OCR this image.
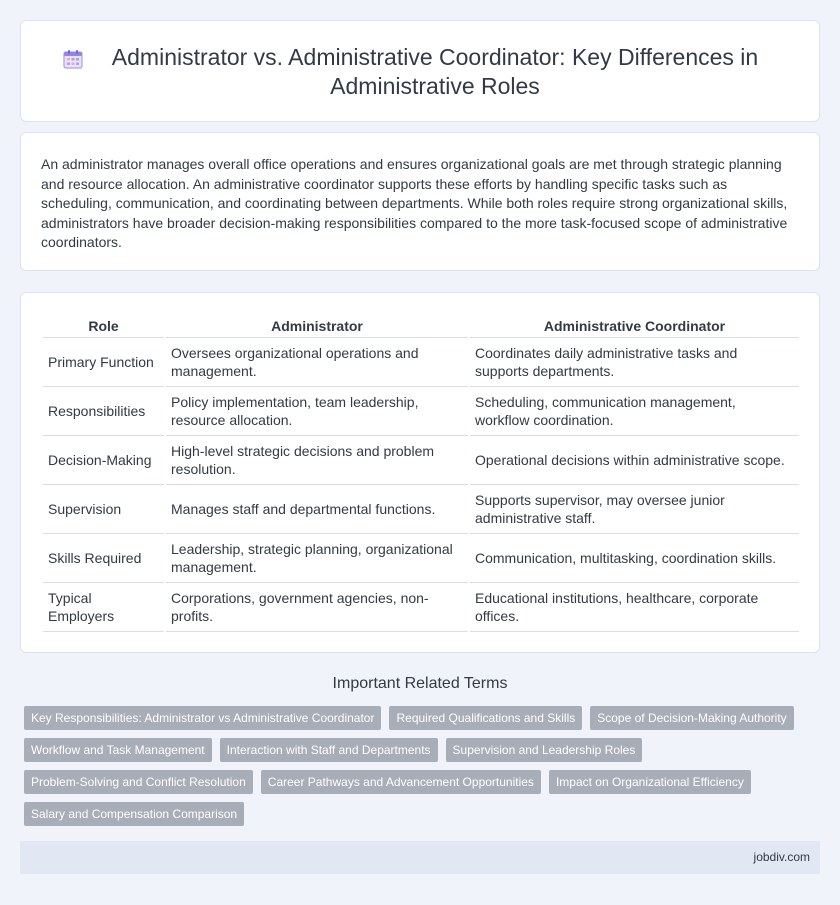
Administrator vs. Administrative Coordinator: Key Differences in Administrative Roles

An administrator manages overall office operations and ensures organizational goals are met through strategic planning and resource allocation. An administrative coordinator supports these efforts by handling specific tasks such as scheduling, communication, and coordinating between departments. While both roles require strong organizational skills, administrators have broader decision-making responsibilities compared to the more task-focused scope of administrative coordinators.

Role	Administrator	Administrative Coordinator
Primary Function	Oversees organizational operations and management.	Coordinates daily administrative tasks and supports departments.
Responsibilities	Policy implementation, team leadership, resource allocation.	Scheduling, communication management, workflow coordination.
Decision-Making	High-level strategic decisions and problem resolution.	Operational decisions within administrative scope.
Supervision	Manages staff and departmental functions.	Supports supervisor, may oversee junior administrative staff.
Skills Required	Leadership, strategic planning, organizational management.	Communication, multitasking, coordination skills.
Typical Employers	Corporations, government agencies, non-profits.	Educational institutions, healthcare, corporate offices.
Important Related Terms
Key Responsibilities: Administrator vs Administrative Coordinator	Required Qualifications and Skills	Scope of Decision-Making Authority
Workflow and Task Management	Interaction with Staff and Departments	Supervision and Leadership Roles
Problem-Solving and Conflict Resolution	Career Pathways and Advancement Opportunities	Impact on Organizational Efficiency
Salary and Compensation Comparison
jobdiv.com
